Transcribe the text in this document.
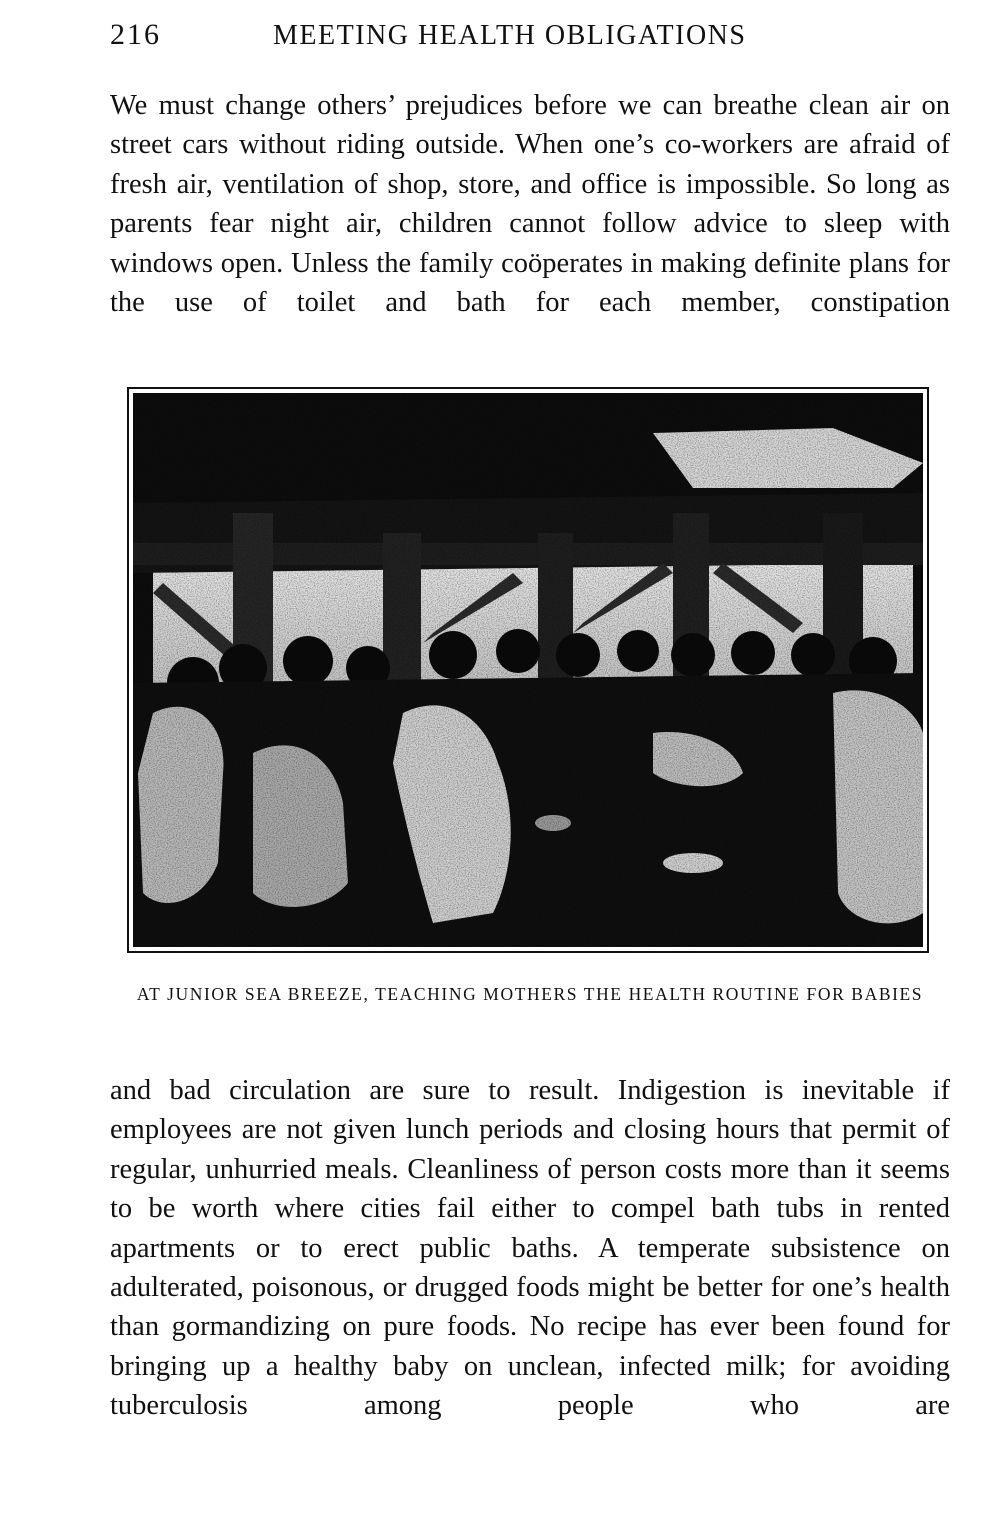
216	MEETING HEALTH OBLIGATIONS

We must change others’ prejudices before we can breathe clean air on street cars without riding outside. When one’s co-workers are afraid of fresh air, ventilation of shop, store, and office is impossible. So long as parents fear night air, children cannot follow advice to sleep with windows open. Unless the family coöperates in making definite plans for the use of toilet and bath for each member, constipation

AT JUNIOR SEA BREEZE, TEACHING MOTHERS THE HEALTH ROUTINE FOR BABIES

and bad circulation are sure to result. Indigestion is inevitable if employees are not given lunch periods and closing hours that permit of regular, unhurried meals. Cleanliness of person costs more than it seems to be worth where cities fail either to compel bath tubs in rented apartments or to erect public baths. A temperate subsistence on adulterated, poisonous, or drugged foods might be better for one’s health than gormandizing on pure foods. No recipe has ever been found for bringing up a healthy baby on unclean, infected milk; for avoiding tuberculosis among people who are
